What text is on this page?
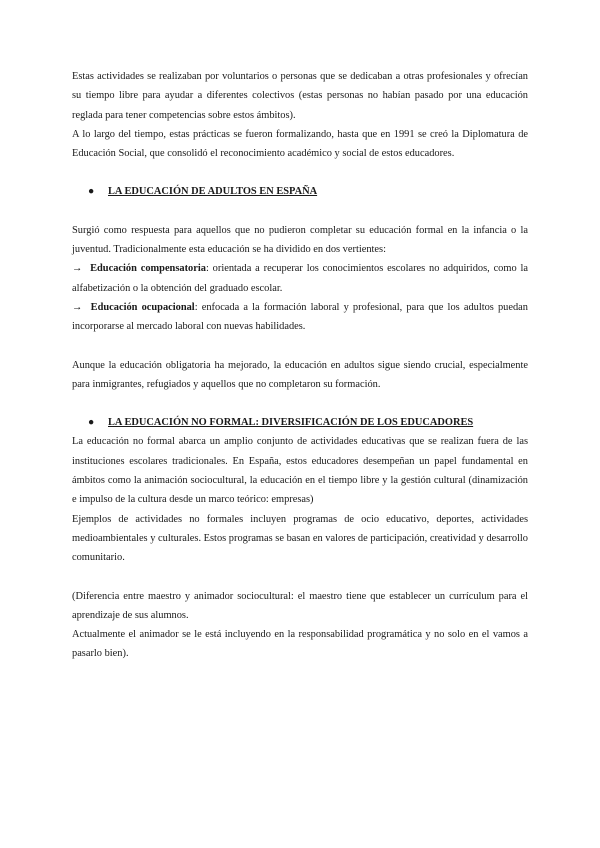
Estas actividades se realizaban por voluntarios o personas que se dedicaban a otras profesionales y ofrecían su tiempo libre para ayudar a diferentes colectivos (estas personas no habían pasado por una educación reglada para tener competencias sobre estos ámbitos).

A lo largo del tiempo, estas prácticas se fueron formalizando, hasta que en 1991 se creó la Diplomatura de Educación Social, que consolidó el reconocimiento académico y social de estos educadores.

● LA EDUCACIÓN DE ADULTOS EN ESPAÑA

Surgió como respuesta para aquellos que no pudieron completar su educación formal en la infancia o la juventud. Tradicionalmente esta educación se ha dividido en dos vertientes:

→ Educación compensatoria: orientada a recuperar los conocimientos escolares no adquiridos, como la alfabetización o la obtención del graduado escolar.

→ Educación ocupacional: enfocada a la formación laboral y profesional, para que los adultos puedan incorporarse al mercado laboral con nuevas habilidades.

Aunque la educación obligatoria ha mejorado, la educación en adultos sigue siendo crucial, especialmente para inmigrantes, refugiados y aquellos que no completaron su formación.

● LA EDUCACIÓN NO FORMAL: DIVERSIFICACIÓN DE LOS EDUCADORES

La educación no formal abarca un amplio conjunto de actividades educativas que se realizan fuera de las instituciones escolares tradicionales. En España, estos educadores desempeñan un papel fundamental en ámbitos como la animación sociocultural, la educación en el tiempo libre y la gestión cultural (dinamización e impulso de la cultura desde un marco teórico: empresas)

Ejemplos de actividades no formales incluyen programas de ocio educativo, deportes, actividades medioambientales y culturales. Estos programas se basan en valores de participación, creatividad y desarrollo comunitario.

(Diferencia entre maestro y animador sociocultural: el maestro tiene que establecer un currículum para el aprendizaje de sus alumnos.

Actualmente el animador se le está incluyendo en la responsabilidad programática y no solo en el vamos a pasarlo bien).
